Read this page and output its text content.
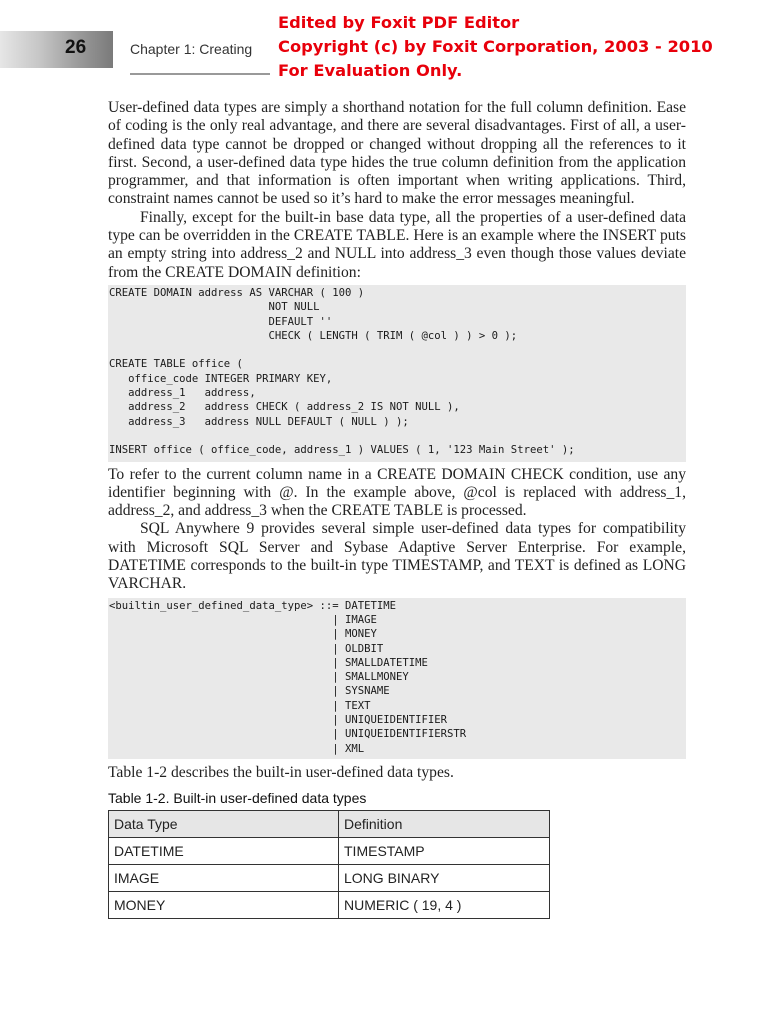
26	Chapter 1: Creating
Edited by Foxit PDF Editor
Copyright (c) by Foxit Corporation, 2003 - 2010
For Evaluation Only.

User-defined data types are simply a shorthand notation for the full column definition. Ease of coding is the only real advantage, and there are several disadvantages. First of all, a user-defined data type cannot be dropped or changed without dropping all the references to it first. Second, a user-defined data type hides the true column definition from the application programmer, and that information is often important when writing applications. Third, constraint names cannot be used so it’s hard to make the error messages meaningful.

Finally, except for the built-in base data type, all the properties of a user-defined data type can be overridden in the CREATE TABLE. Here is an example where the INSERT puts an empty string into address_2 and NULL into address_3 even though those values deviate from the CREATE DOMAIN definition:

CREATE DOMAIN address AS VARCHAR ( 100 )
NOT NULL
DEFAULT ''
CHECK ( LENGTH ( TRIM ( @col ) ) > 0 );

CREATE TABLE office (
office_code INTEGER PRIMARY KEY,
address_1   address,
address_2   address CHECK ( address_2 IS NOT NULL ),
address_3   address NULL DEFAULT ( NULL ) );

INSERT office ( office_code, address_1 ) VALUES ( 1, '123 Main Street' );

To refer to the current column name in a CREATE DOMAIN CHECK condition, use any identifier beginning with @. In the example above, @col is replaced with address_1, address_2, and address_3 when the CREATE TABLE is processed.

SQL Anywhere 9 provides several simple user-defined data types for compatibility with Microsoft SQL Server and Sybase Adaptive Server Enterprise. For example, DATETIME corresponds to the built-in type TIMESTAMP, and TEXT is defined as LONG VARCHAR.

<builtin_user_defined_data_type> ::= DATETIME
| IMAGE
| MONEY
| OLDBIT
| SMALLDATETIME
| SMALLMONEY
| SYSNAME
| TEXT
| UNIQUEIDENTIFIER
| UNIQUEIDENTIFIERSTR
| XML

Table 1-2 describes the built-in user-defined data types.

Table 1-2. Built-in user-defined data types
Data Type	Definition
DATETIME	TIMESTAMP
IMAGE	LONG BINARY
MONEY	NUMERIC ( 19, 4 )
